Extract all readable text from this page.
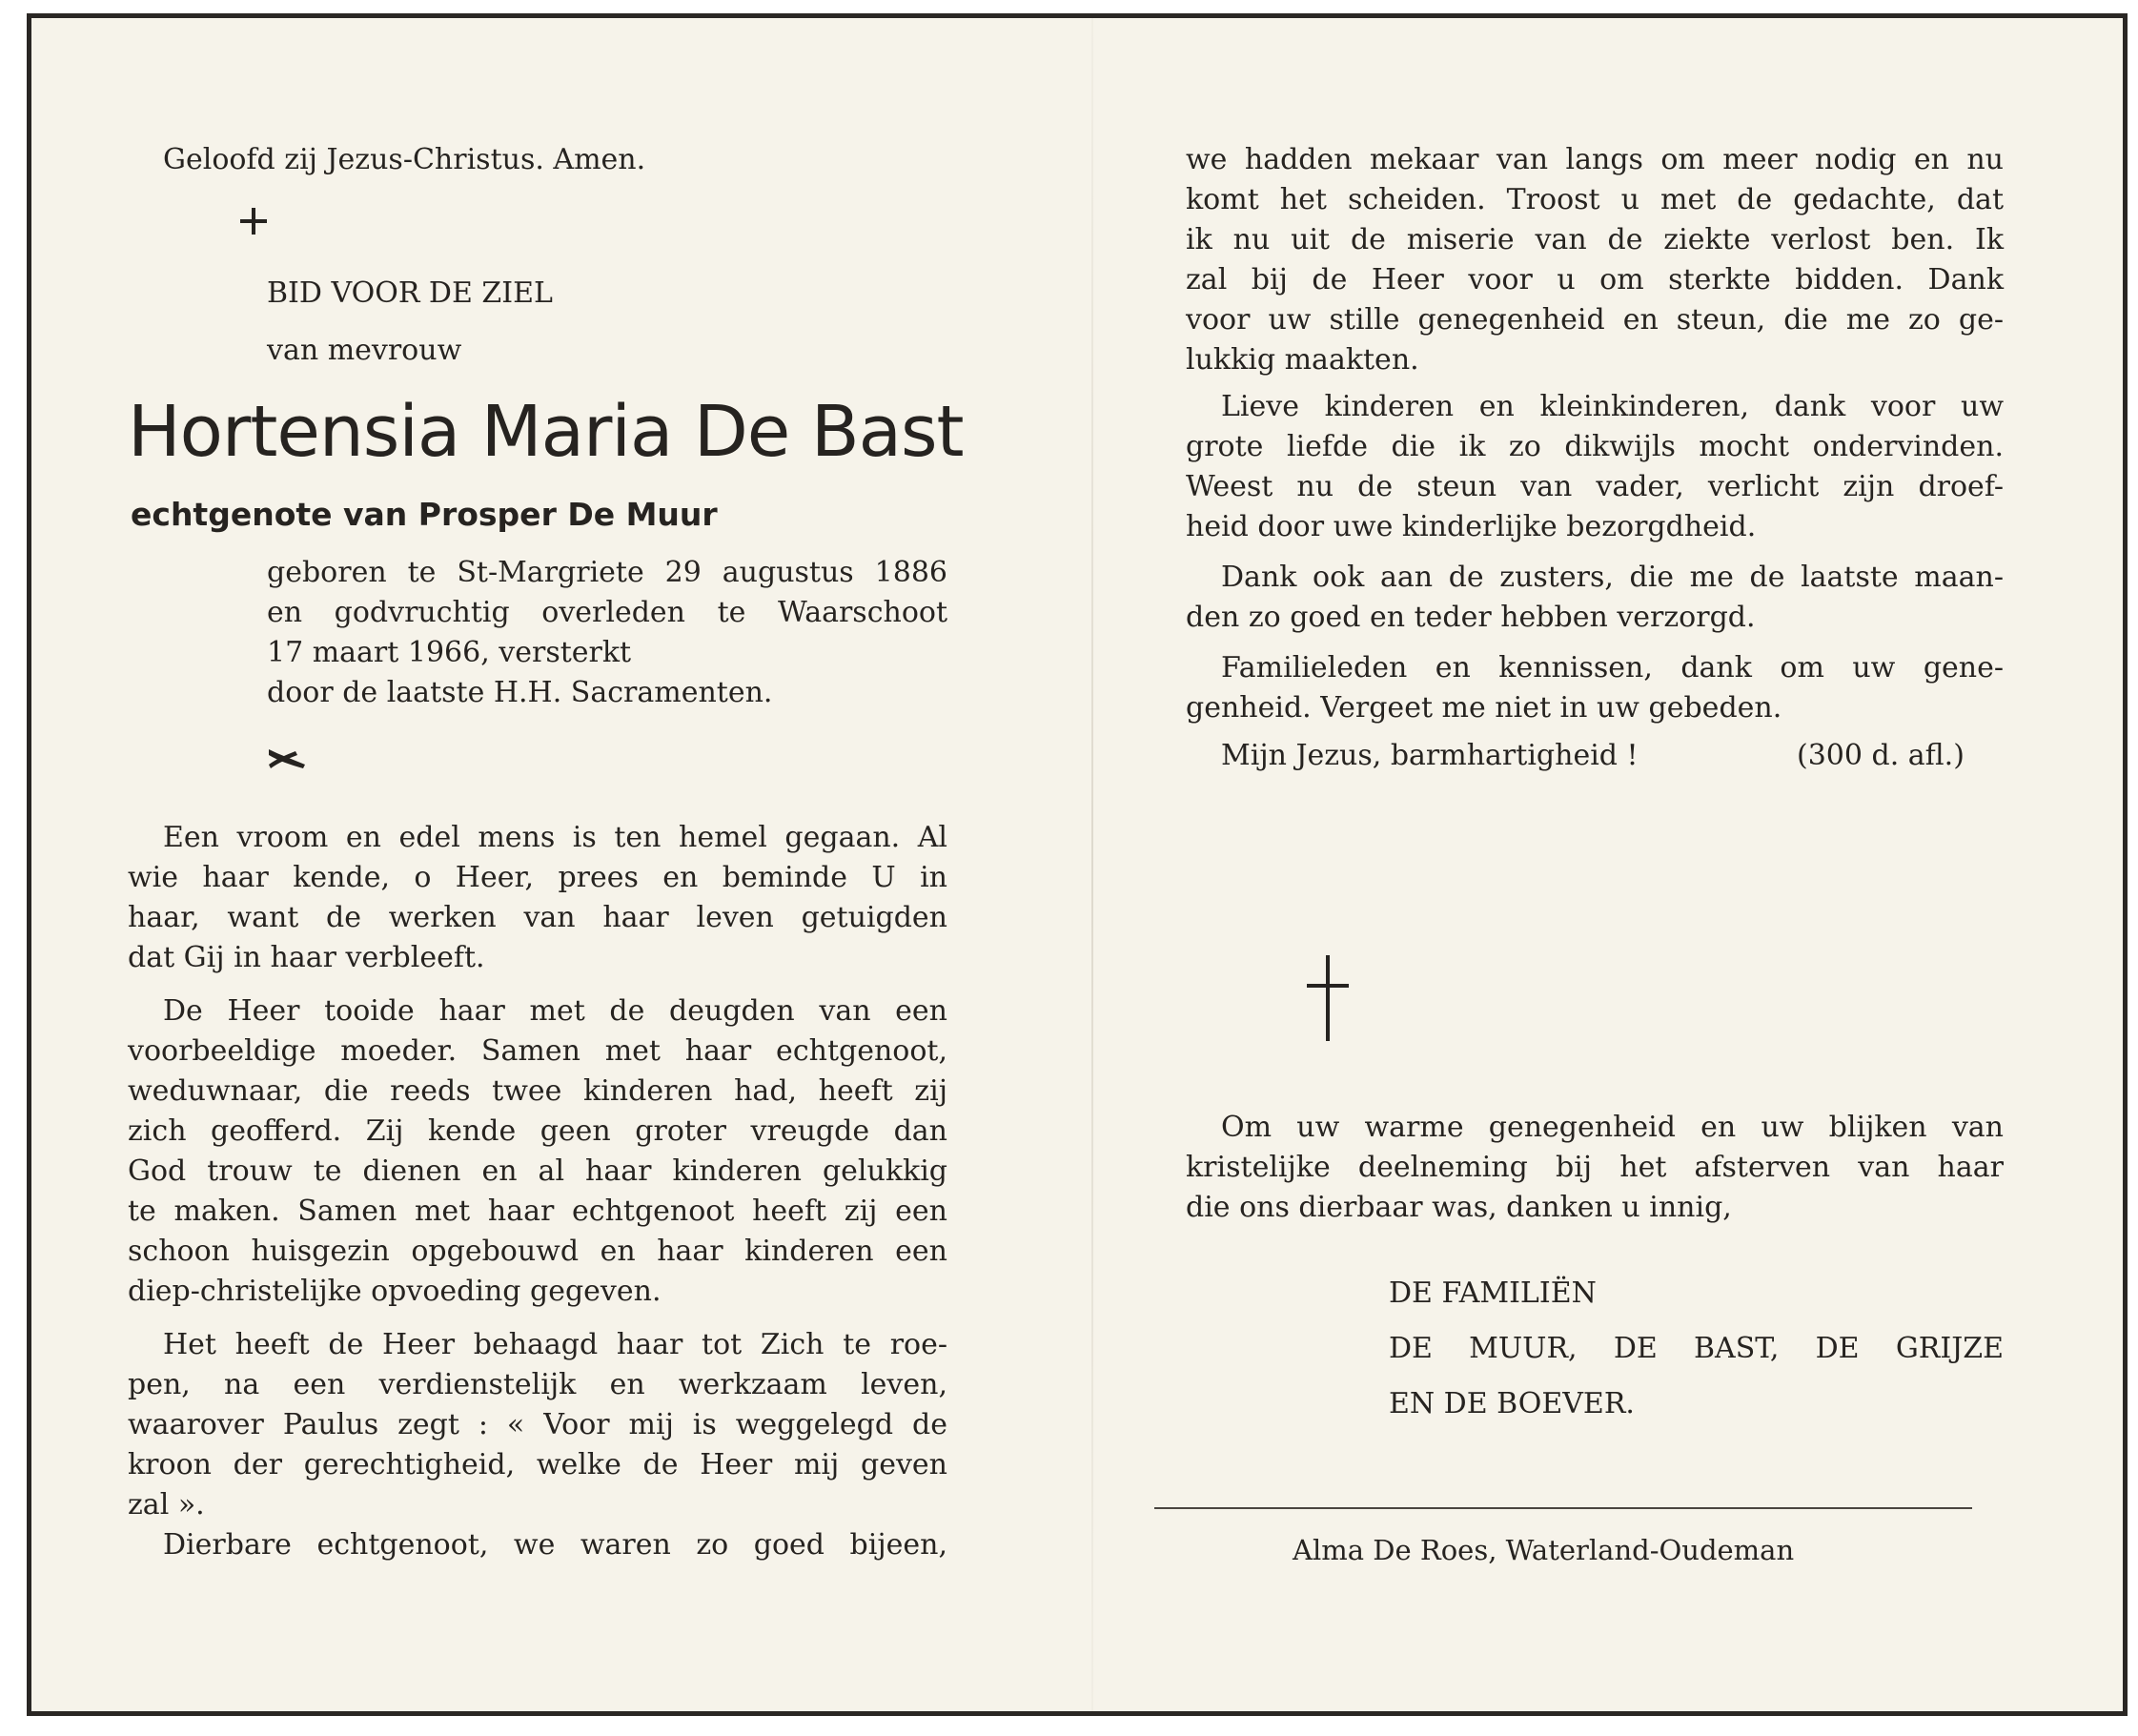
Geloofd zij Jezus-Christus. Amen.
BID VOOR DE ZIEL
van mevrouw
Hortensia Maria De Bast
echtgenote van Prosper De Muur
geboren te St-Margriete 29 augustus 1886
en godvruchtig overleden te Waarschoot
17 maart 1966, versterkt
door de laatste H.H. Sacramenten.
Een vroom en edel mens is ten hemel gegaan. Al
wie haar kende, o Heer, prees en beminde U in
haar, want de werken van haar leven getuigden
dat Gij in haar verbleeft.
De Heer tooide haar met de deugden van een
voorbeeldige moeder. Samen met haar echtgenoot,
weduwnaar, die reeds twee kinderen had, heeft zij
zich geofferd. Zij kende geen groter vreugde dan
God trouw te dienen en al haar kinderen gelukkig
te maken. Samen met haar echtgenoot heeft zij een
schoon huisgezin opgebouwd en haar kinderen een
diep-christelijke opvoeding gegeven.
Het heeft de Heer behaagd haar tot Zich te roe-
pen, na een verdienstelijk en werkzaam leven,
waarover Paulus zegt : « Voor mij is weggelegd de
kroon der gerechtigheid, welke de Heer mij geven
zal ».
Dierbare echtgenoot, we waren zo goed bijeen,
we hadden mekaar van langs om meer nodig en nu
komt het scheiden. Troost u met de gedachte, dat
ik nu uit de miserie van de ziekte verlost ben. Ik
zal bij de Heer voor u om sterkte bidden. Dank
voor uw stille genegenheid en steun, die me zo ge-
lukkig maakten.
Lieve kinderen en kleinkinderen, dank voor uw
grote liefde die ik zo dikwijls mocht ondervinden.
Weest nu de steun van vader, verlicht zijn droef-
heid door uwe kinderlijke bezorgdheid.
Dank ook aan de zusters, die me de laatste maan-
den zo goed en teder hebben verzorgd.
Familieleden en kennissen, dank om uw gene-
genheid. Vergeet me niet in uw gebeden.
Mijn Jezus, barmhartigheid !	(300 d. afl.)
Om uw warme genegenheid en uw blijken van
kristelijke deelneming bij het afsterven van haar
die ons dierbaar was, danken u innig,
DE FAMILIËN
DE MUUR, DE BAST, DE GRIJZE
EN DE BOEVER.
Alma De Roes, Waterland-Oudeman
